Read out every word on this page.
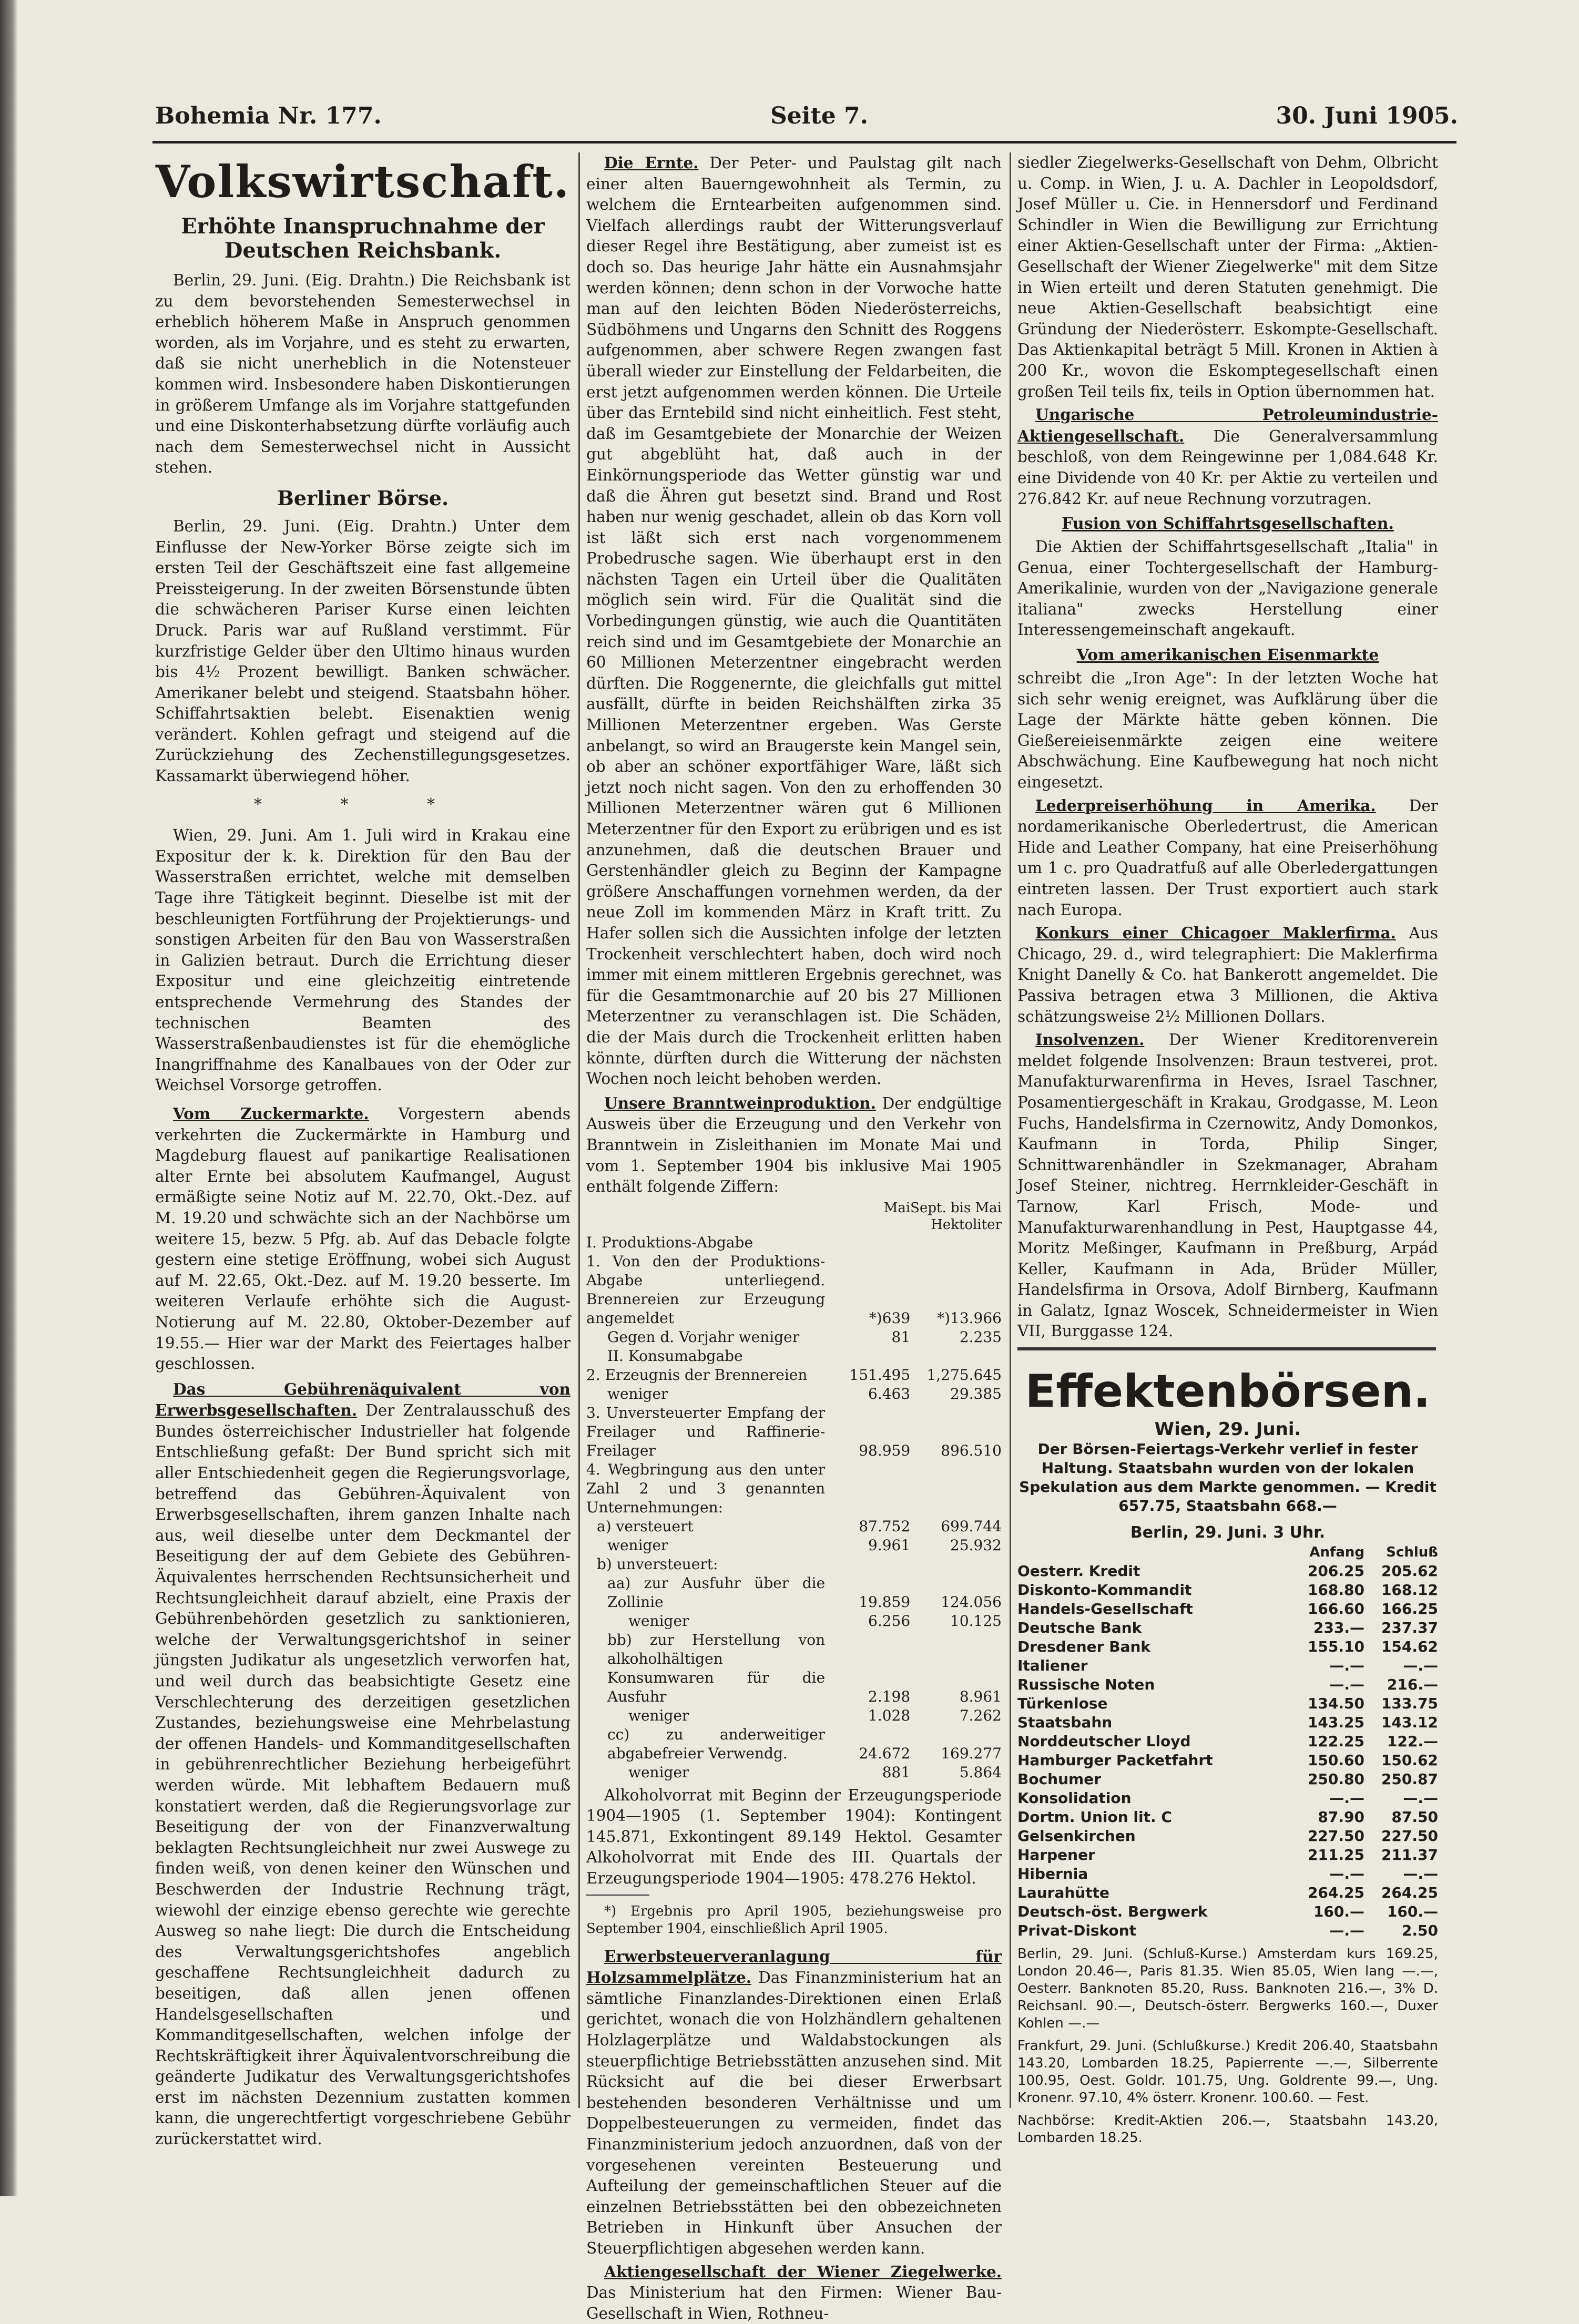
Bohemia Nr. 177.	Seite 7.	30. Juni 1905.
Volkswirtschaft.
Erhöhte Inanspruchnahme der Deutschen Reichsbank.

Berlin, 29. Juni. (Eig. Drahtn.) Die Reichsbank ist zu dem bevorstehenden Semesterwechsel in erheblich höherem Maße in Anspruch genommen worden, als im Vorjahre, und es steht zu erwarten, daß sie nicht unerheblich in die Notensteuer kommen wird. Insbesondere haben Diskontierungen in größerem Umfange als im Vorjahre stattgefunden und eine Diskonterhabsetzung dürfte vorläufig auch nach dem Semesterwechsel nicht in Aussicht stehen.

Berliner Börse.

Berlin, 29. Juni. (Eig. Drahtn.) Unter dem Einflusse der New-Yorker Börse zeigte sich im ersten Teil der Geschäftszeit eine fast allgemeine Preissteigerung. In der zweiten Börsenstunde übten die schwächeren Pariser Kurse einen leichten Druck. Paris war auf Rußland verstimmt. Für kurzfristige Gelder über den Ultimo hinaus wurden bis 4½ Prozent bewilligt. Banken schwächer. Amerikaner belebt und steigend. Staatsbahn höher. Schiffahrtsaktien belebt. Eisenaktien wenig verändert. Kohlen gefragt und steigend auf die Zurückziehung des Zechenstillegungsgesetzes. Kassamarkt überwiegend höher.

* * *

Wien, 29. Juni. Am 1. Juli wird in Krakau eine Expositur der k. k. Direktion für den Bau der Wasserstraßen errichtet, welche mit demselben Tage ihre Tätigkeit beginnt. Dieselbe ist mit der beschleunigten Fortführung der Projektierungs- und sonstigen Arbeiten für den Bau von Wasserstraßen in Galizien betraut. Durch die Errichtung dieser Expositur und eine gleichzeitig eintretende entsprechende Vermehrung des Standes der technischen Beamten des Wasserstraßenbaudienstes ist für die ehemögliche Inangriffnahme des Kanalbaues von der Oder zur Weichsel Vorsorge getroffen.

Vom Zuckermarkte. Vorgestern abends verkehrten die Zuckermärkte in Hamburg und Magdeburg flauest auf panikartige Realisationen alter Ernte bei absolutem Kaufmangel, August ermäßigte seine Notiz auf M. 22.70, Okt.-Dez. auf M. 19.20 und schwächte sich an der Nachbörse um weitere 15, bezw. 5 Pfg. ab. Auf das Debacle folgte gestern eine stetige Eröffnung, wobei sich August auf M. 22.65, Okt.-Dez. auf M. 19.20 besserte. Im weiteren Verlaufe erhöhte sich die August-Notierung auf M. 22.80, Oktober-Dezember auf 19.55.— Hier war der Markt des Feiertages halber geschlossen.

Das Gebührenäquivalent von Erwerbsgesellschaften. Der Zentralausschuß des Bundes österreichischer Industrieller hat folgende Entschließung gefaßt: Der Bund spricht sich mit aller Entschiedenheit gegen die Regierungsvorlage, betreffend das Gebühren-Äquivalent von Erwerbsgesellschaften, ihrem ganzen Inhalte nach aus, weil dieselbe unter dem Deckmantel der Beseitigung der auf dem Gebiete des Gebühren-Äquivalentes herrschenden Rechtsunsicherheit und Rechtsungleichheit darauf abzielt, eine Praxis der Gebührenbehörden gesetzlich zu sanktionieren, welche der Verwaltungsgerichtshof in seiner jüngsten Judikatur als ungesetzlich verworfen hat, und weil durch das beabsichtigte Gesetz eine Verschlechterung des derzeitigen gesetzlichen Zustandes, beziehungsweise eine Mehrbelastung der offenen Handels- und Kommanditgesellschaften in gebührenrechtlicher Beziehung herbeigeführt werden würde. Mit lebhaftem Bedauern muß konstatiert werden, daß die Regierungsvorlage zur Beseitigung der von der Finanzverwaltung beklagten Rechtsungleichheit nur zwei Auswege zu finden weiß, von denen keiner den Wünschen und Beschwerden der Industrie Rechnung trägt, wiewohl der einzige ebenso gerechte wie gerechte Ausweg so nahe liegt: Die durch die Entscheidung des Verwaltungsgerichtshofes angeblich geschaffene Rechtsungleichheit dadurch zu beseitigen, daß allen jenen offenen Handelsgesellschaften und Kommanditgesellschaften, welchen infolge der Rechtskräftigkeit ihrer Äquivalentvorschreibung die geänderte Judikatur des Verwaltungsgerichtshofes erst im nächsten Dezennium zustatten kommen kann, die ungerechtfertigt vorgeschriebene Gebühr zurückerstattet wird.

Die Ernte. Der Peter- und Paulstag gilt nach einer alten Bauerngewohnheit als Termin, zu welchem die Erntearbeiten aufgenommen sind. Vielfach allerdings raubt der Witterungsverlauf dieser Regel ihre Bestätigung, aber zumeist ist es doch so. Das heurige Jahr hätte ein Ausnahmsjahr werden können; denn schon in der Vorwoche hatte man auf den leichten Böden Niederösterreichs, Südböhmens und Ungarns den Schnitt des Roggens aufgenommen, aber schwere Regen zwangen fast überall wieder zur Einstellung der Feldarbeiten, die erst jetzt aufgenommen werden können. Die Urteile über das Erntebild sind nicht einheitlich. Fest steht, daß im Gesamtgebiete der Monarchie der Weizen gut abgeblüht hat, daß auch in der Einkörnungsperiode das Wetter günstig war und daß die Ähren gut besetzt sind. Brand und Rost haben nur wenig geschadet, allein ob das Korn voll ist läßt sich erst nach vorgenommenem Probedrusche sagen. Wie überhaupt erst in den nächsten Tagen ein Urteil über die Qualitäten möglich sein wird. Für die Qualität sind die Vorbedingungen günstig, wie auch die Quantitäten reich sind und im Gesamtgebiete der Monarchie an 60 Millionen Meterzentner eingebracht werden dürften. Die Roggenernte, die gleichfalls gut mittel ausfällt, dürfte in beiden Reichshälften zirka 35 Millionen Meterzentner ergeben. Was Gerste anbelangt, so wird an Braugerste kein Mangel sein, ob aber an schöner exportfähiger Ware, läßt sich jetzt noch nicht sagen. Von den zu erhoffenden 30 Millionen Meterzentner wären gut 6 Millionen Meterzentner für den Export zu erübrigen und es ist anzunehmen, daß die deutschen Brauer und Gerstenhändler gleich zu Beginn der Kampagne größere Anschaffungen vornehmen werden, da der neue Zoll im kommenden März in Kraft tritt. Zu Hafer sollen sich die Aussichten infolge der letzten Trockenheit verschlechtert haben, doch wird noch immer mit einem mittleren Ergebnis gerechnet, was für die Gesamtmonarchie auf 20 bis 27 Millionen Meterzentner zu veranschlagen ist. Die Schäden, die der Mais durch die Trockenheit erlitten haben könnte, dürften durch die Witterung der nächsten Wochen noch leicht behoben werden.

Unsere Branntweinproduktion. Der endgültige Ausweis über die Erzeugung und den Verkehr von Branntwein in Zisleithanien im Monate Mai und vom 1. September 1904 bis inklusive Mai 1905 enthält folgende Ziffern:

	Mai	Sept. bis Mai
		Hektoliter
I. Produktions-Abgabe		
1. Von den der Produktions-Abgabe unterliegend. Brennereien zur Erzeugung angemeldet	*)639	*)13.966
Gegen d. Vorjahr weniger	81	2.235
II. Konsumabgabe		
2. Erzeugnis der Brennereien	151.495	1,275.645
weniger	6.463	29.385
3. Unversteuerter Empfang der Freilager und Raffinerie-Freilager	98.959	896.510
4. Wegbringung aus den unter Zahl 2 und 3 genannten Unternehmungen:		
a) versteuert	87.752	699.744
weniger	9.961	25.932
b) unversteuert:		
aa) zur Ausfuhr über die Zollinie	19.859	124.056
weniger	6.256	10.125
bb) zur Herstellung von alkoholhältigen Konsumwaren für die Ausfuhr	2.198	8.961
weniger	1.028	7.262
cc) zu anderweitiger abgabefreier Verwendg.	24.672	169.277
weniger	881	5.864

Alkoholvorrat mit Beginn der Erzeugungsperiode 1904—1905 (1. September 1904): Kontingent 145.871, Exkontingent 89.149 Hektol. Gesamter Alkoholvorrat mit Ende des III. Quartals der Erzeugungsperiode 1904—1905: 478.276 Hektol.

*) Ergebnis pro April 1905, beziehungsweise pro September 1904, einschließlich April 1905.

Erwerbsteuerveranlagung für Holzsammelplätze. Das Finanzministerium hat an sämtliche Finanzlandes-Direktionen einen Erlaß gerichtet, wonach die von Holzhändlern gehaltenen Holzlagerplätze und Waldabstockungen als steuerpflichtige Betriebsstätten anzusehen sind. Mit Rücksicht auf die bei dieser Erwerbsart bestehenden besonderen Verhältnisse und um Doppelbesteuerungen zu vermeiden, findet das Finanzministerium jedoch anzuordnen, daß von der vorgesehenen vereinten Besteuerung und Aufteilung der gemeinschaftlichen Steuer auf die einzelnen Betriebsstätten bei den obbezeichneten Betrieben in Hinkunft über Ansuchen der Steuerpflichtigen abgesehen werden kann.

Aktiengesellschaft der Wiener Ziegelwerke. Das Ministerium hat den Firmen: Wiener Bau-Gesellschaft in Wien, Rothneu-

siedler Ziegelwerks-Gesellschaft von Dehm, Olbricht u. Comp. in Wien, J. u. A. Dachler in Leopoldsdorf, Josef Müller u. Cie. in Hennersdorf und Ferdinand Schindler in Wien die Bewilligung zur Errichtung einer Aktien-Gesellschaft unter der Firma: „Aktien-Gesellschaft der Wiener Ziegelwerke" mit dem Sitze in Wien erteilt und deren Statuten genehmigt. Die neue Aktien-Gesellschaft beabsichtigt eine Gründung der Niederösterr. Eskompte-Gesellschaft. Das Aktienkapital beträgt 5 Mill. Kronen in Aktien à 200 Kr., wovon die Eskomptegesellschaft einen großen Teil teils fix, teils in Option übernommen hat.

Ungarische Petroleumindustrie-Aktiengesellschaft. Die Generalversammlung beschloß, von dem Reingewinne per 1,084.648 Kr. eine Dividende von 40 Kr. per Aktie zu verteilen und 276.842 Kr. auf neue Rechnung vorzutragen.

Fusion von Schiffahrtsgesellschaften.

Die Aktien der Schiffahrtsgesellschaft „Italia" in Genua, einer Tochtergesellschaft der Hamburg-Amerikalinie, wurden von der „Navigazione generale italiana" zwecks Herstellung einer Interessengemeinschaft angekauft.

Vom amerikanischen Eisenmarkte

schreibt die „Iron Age": In der letzten Woche hat sich sehr wenig ereignet, was Aufklärung über die Lage der Märkte hätte geben können. Die Gießereieisenmärkte zeigen eine weitere Abschwächung. Eine Kaufbewegung hat noch nicht eingesetzt.

Lederpreiserhöhung in Amerika. Der nordamerikanische Oberledertrust, die American Hide and Leather Company, hat eine Preiserhöhung um 1 c. pro Quadratfuß auf alle Oberledergattungen eintreten lassen. Der Trust exportiert auch stark nach Europa.

Konkurs einer Chicagoer Maklerfirma. Aus Chicago, 29. d., wird telegraphiert: Die Maklerfirma Knight Danelly & Co. hat Bankerott angemeldet. Die Passiva betragen etwa 3 Millionen, die Aktiva schätzungsweise 2½ Millionen Dollars.

Insolvenzen. Der Wiener Kreditorenverein meldet folgende Insolvenzen: Braun testverei, prot. Manufakturwarenfirma in Heves, Israel Taschner, Posamentiergeschäft in Krakau, Grodgasse, M. Leon Fuchs, Handelsfirma in Czernowitz, Andy Domonkos, Kaufmann in Torda, Philip Singer, Schnittwarenhändler in Szekmanager, Abraham Josef Steiner, nichtreg. Herrnkleider-Geschäft in Tarnow, Karl Frisch, Mode- und Manufakturwarenhandlung in Pest, Hauptgasse 44, Moritz Meßinger, Kaufmann in Preßburg, Arpád Keller, Kaufmann in Ada, Brüder Müller, Handelsfirma in Orsova, Adolf Birnberg, Kaufmann in Galatz, Ignaz Woscek, Schneidermeister in Wien VII, Burggasse 124.

Effektenbörsen.
Wien, 29. Juni.
Der Börsen-Feiertags-Verkehr verlief in fester Haltung. Staatsbahn wurden von der lokalen Spekulation aus dem Markte genommen. — Kredit 657.75, Staatsbahn 668.—
Berlin, 29. Juni. 3 Uhr.
	Anfang	Schluß
Oesterr. Kredit	206.25	205.62
Diskonto-Kommandit	168.80	168.12
Handels-Gesellschaft	166.60	166.25
Deutsche Bank	233.—	237.37
Dresdener Bank	155.10	154.62
Italiener	—.—	—.—
Russische Noten	—.—	216.—
Türkenlose	134.50	133.75
Staatsbahn	143.25	143.12
Norddeutscher Lloyd	122.25	122.—
Hamburger Packetfahrt	150.60	150.62
Bochumer	250.80	250.87
Konsolidation	—.—	—.—
Dortm. Union lit. C	87.90	87.50
Gelsenkirchen	227.50	227.50
Harpener	211.25	211.37
Hibernia	—.—	—.—
Laurahütte	264.25	264.25
Deutsch-öst. Bergwerk	160.—	160.—
Privat-Diskont	—.—	2.50
Berlin, 29. Juni. (Schluß-Kurse.) Amsterdam kurs 169.25, London 20.46—, Paris 81.35. Wien 85.05, Wien lang —.—, Oesterr. Banknoten 85.20, Russ. Banknoten 216.—, 3% D. Reichsanl. 90.—, Deutsch-österr. Bergwerks 160.—, Duxer Kohlen —.—
Frankfurt, 29. Juni. (Schlußkurse.) Kredit 206.40, Staatsbahn 143.20, Lombarden 18.25, Papierrente —.—, Silberrente 100.95, Oest. Goldr. 101.75, Ung. Goldrente 99.—, Ung. Kronenr. 97.10, 4% österr. Kronenr. 100.60. — Fest.
Nachbörse: Kredit-Aktien 206.—, Staatsbahn 143.20, Lombarden 18.25.
